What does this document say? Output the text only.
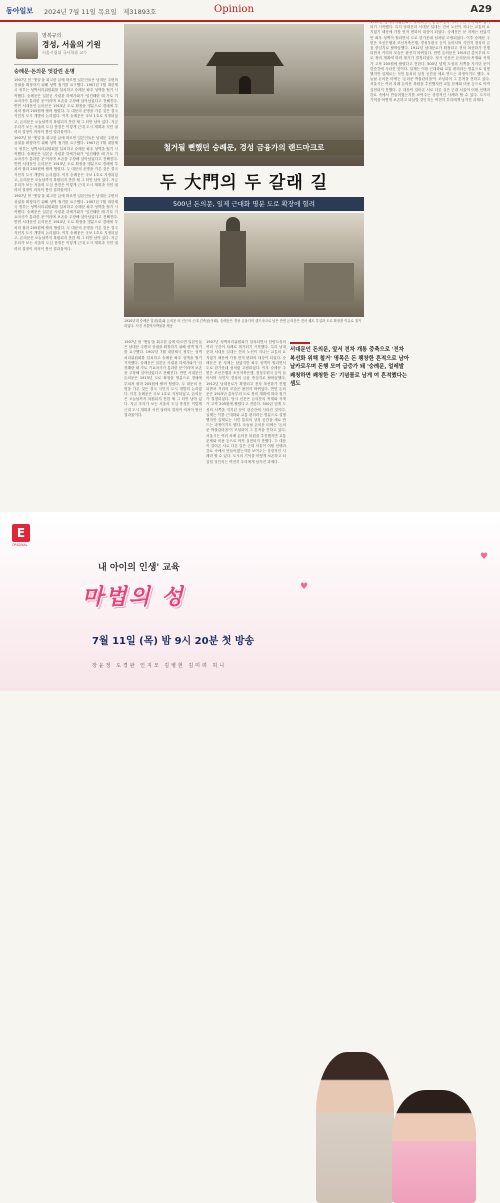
동아일보 2024년 7월 11일 목요일 제31893호	Opinion	A29
염복규의
경성, 서울의 기원
서울시립대 국사학과 교수
숭례문·돈의문 엇갈린 운명

1907년 봄 '옛일'을 회고한 글에 따르면 일본인들은 남대문 주변의 상권을 확장하기 위해 성벽 철거를 요구했다. 1907년 7월 대한제국 정부는 성벽처리위원회를 설치하고 숭례문 좌우 성벽을 헐기 시작했다. 숭례문은 일본군 사령관 하세가와가 '임진왜란 때 가토 기요마사가 통과한 문'이라며 보존을 주장해 살아남았다고 전해진다. 반면 서대문인 돈의문은 1915년 도로 확장을 명분으로 경매에 부쳐져 불과 205원에 팔려 헐렸다. 두 대문의 운명을 가른 것은 결국 식민지 도시 개발의 논리였다. 이후 숭례문은 국보 1호로 지정되었고, 돈의문은 오늘날까지 복원되지 못한 채 그 터만 남아 있다. 지금 우리가 보는 서울의 도심 풍경은 이렇게 근대 도시 계획과 식민 권력의 결정이 켜켜이 쌓인 결과물이다.

1907년 봄 '옛일'을 회고한 글에 따르면 일본인들은 남대문 주변의 상권을 확장하기 위해 성벽 철거를 요구했다. 1907년 7월 대한제국 정부는 성벽처리위원회를 설치하고 숭례문 좌우 성벽을 헐기 시작했다. 숭례문은 일본군 사령관 하세가와가 '임진왜란 때 가토 기요마사가 통과한 문'이라며 보존을 주장해 살아남았다고 전해진다. 반면 서대문인 돈의문은 1915년 도로 확장을 명분으로 경매에 부쳐져 불과 205원에 팔려 헐렸다. 두 대문의 운명을 가른 것은 결국 식민지 도시 개발의 논리였다. 이후 숭례문은 국보 1호로 지정되었고, 돈의문은 오늘날까지 복원되지 못한 채 그 터만 남아 있다. 지금 우리가 보는 서울의 도심 풍경은 이렇게 근대 도시 계획과 식민 권력의 결정이 켜켜이 쌓인 결과물이다.

1907년 봄 '옛일'을 회고한 글에 따르면 일본인들은 남대문 주변의 상권을 확장하기 위해 성벽 철거를 요구했다. 1907년 7월 대한제국 정부는 성벽처리위원회를 설치하고 숭례문 좌우 성벽을 헐기 시작했다. 숭례문은 일본군 사령관 하세가와가 '임진왜란 때 가토 기요마사가 통과한 문'이라며 보존을 주장해 살아남았다고 전해진다. 반면 서대문인 돈의문은 1915년 도로 확장을 명분으로 경매에 부쳐져 불과 205원에 팔려 헐렸다. 두 대문의 운명을 가른 것은 결국 식민지 도시 개발의 논리였다. 이후 숭례문은 국보 1호로 지정되었고, 돈의문은 오늘날까지 복원되지 못한 채 그 터만 남아 있다. 지금 우리가 보는 서울의 도심 풍경은 이렇게 근대 도시 계획과 식민 권력의 결정이 켜켜이 쌓인 결과물이다.

철거될 뻔했던 숭례문, 경성 금융가의 랜드마크로
두 大門의 두 갈래 길
500년 돈의문, 일제 근대화 명분 도로 확장에 헐려
1920년대 숭례문 일대(위)와 돈의문 터 인근의 근대 건축물(아래). 숭례문은 경성 금융가의 랜드마크로 남은 반면 돈의문은 전차 궤도 부설과 도로 확장을 이유로 철거되었다. 사진 서울역사박물관 제공

1907년 봄 '옛일'을 회고한 글에 따르면 일본인들은 남대문 주변의 상권을 확장하기 위해 성벽 철거를 요구했다. 1907년 7월 대한제국 정부는 성벽처리위원회를 설치하고 숭례문 좌우 성벽을 헐기 시작했다. 숭례문은 일본군 사령관 하세가와가 '임진왜란 때 가토 기요마사가 통과한 문'이라며 보존을 주장해 살아남았다고 전해진다. 반면 서대문인 돈의문은 1915년 도로 확장을 명분으로 경매에 부쳐져 불과 205원에 팔려 헐렸다. 두 대문의 운명을 가른 것은 결국 식민지 도시 개발의 논리였다. 이후 숭례문은 국보 1호로 지정되었고, 돈의문은 오늘날까지 복원되지 못한 채 그 터만 남아 있다. 지금 우리가 보는 서울의 도심 풍경은 이렇게 근대 도시 계획과 식민 권력의 결정이 켜켜이 쌓인 결과물이다.

1907년 성벽처리위원회가 설치되면서 한양도성의 여러 구간이 차례로 철거되기 시작했다. 특히 남대문과 서대문 일대는 전차 노선이 지나는 교통의 요지였기 때문에 가장 먼저 변화의 대상이 되었다. 숭례문은 문 자체는 남았지만 좌우 성벽이 헐리면서 도로 한가운데 섬처럼 고립되었다. 이후 숭례문 주변은 조선은행과 조선저축은행, 경성우편국 등이 들어서며 식민지 경성의 금융 중심지로 탈바꿈했다. 1912년 남대문로가 확장되고 전차 복선화가 진행되면서 거리의 모습은 완전히 바뀌었다. 반면 돈의문은 1915년 총독부의 도로 정비 계획에 따라 철거가 결정되었다. 당시 신문은 돈의문의 목재와 석재가 고작 205원에 팔렸다고 전한다. 500년 넘게 도성의 서쪽을 지키던 문이 한순간에 사라진 것이다. 일제는 이를 근대화와 교통 편의라는 명분으로 설명했지만 실제로는 식민 통치의 상징 공간을 새로 만드는 과정이기도 했다. 오늘날 돈의문 터에는 '돈의문 박물관마을'이 조성되어 그 흔적을 전하고 있다. 서울시는 여러 차례 돈의문 복원을 추진했지만 교통 문제와 비용 등으로 아직 실현되지 못했다. 두 대문이 걸어온 서로 다른 길은 근대 서울이 어떤 선택과 강요 속에서 만들어졌는지를 보여주는 상징적인 사례라 할 수 있다. 도시의 기억을 어떻게 보존하고 되살릴 것인지는 여전히 우리에게 남겨진 과제다.

서대문인 돈의문, 앞서 전차 개통 중축으로 '전차 복선화 위해 철거' 명목은 돈 팽창한 흔적으로 남아 날카로우며 돈행 모여 급증가 돼 '숭례문, 얼레발 쾌청하면 쾌청한 돈' 기념물로 남게 여 흔적했다는 셈도

1907년 성벽처리위원회가 설치되면서 한양도성의 여러 구간이 차례로 철거되기 시작했다. 특히 남대문과 서대문 일대는 전차 노선이 지나는 교통의 요지였기 때문에 가장 먼저 변화의 대상이 되었다. 숭례문은 문 자체는 남았지만 좌우 성벽이 헐리면서 도로 한가운데 섬처럼 고립되었다. 이후 숭례문 주변은 조선은행과 조선저축은행, 경성우편국 등이 들어서며 식민지 경성의 금융 중심지로 탈바꿈했다. 1912년 남대문로가 확장되고 전차 복선화가 진행되면서 거리의 모습은 완전히 바뀌었다. 반면 돈의문은 1915년 총독부의 도로 정비 계획에 따라 철거가 결정되었다. 당시 신문은 돈의문의 목재와 석재가 고작 205원에 팔렸다고 전한다. 500년 넘게 도성의 서쪽을 지키던 문이 한순간에 사라진 것이다. 일제는 이를 근대화와 교통 편의라는 명분으로 설명했지만 실제로는 식민 통치의 상징 공간을 새로 만드는 과정이기도 했다. 오늘날 돈의문 터에는 '돈의문 박물관마을'이 조성되어 그 흔적을 전하고 있다. 서울시는 여러 차례 돈의문 복원을 추진했지만 교통 문제와 비용 등으로 아직 실현되지 못했다. 두 대문이 걸어온 서로 다른 길은 근대 서울이 어떤 선택과 강요 속에서 만들어졌는지를 보여주는 상징적인 사례라 할 수 있다. 도시의 기억을 어떻게 보존하고 되살릴 것인지는 여전히 우리에게 남겨진 과제다.

♥
♥
E
ORIGINAL
내 아이의 인생' 교육
마법의 성
7월 11일 (목) 밤 9시 20분 첫 방송
장윤정 도경완 인지모 김병현 김미려 허니
